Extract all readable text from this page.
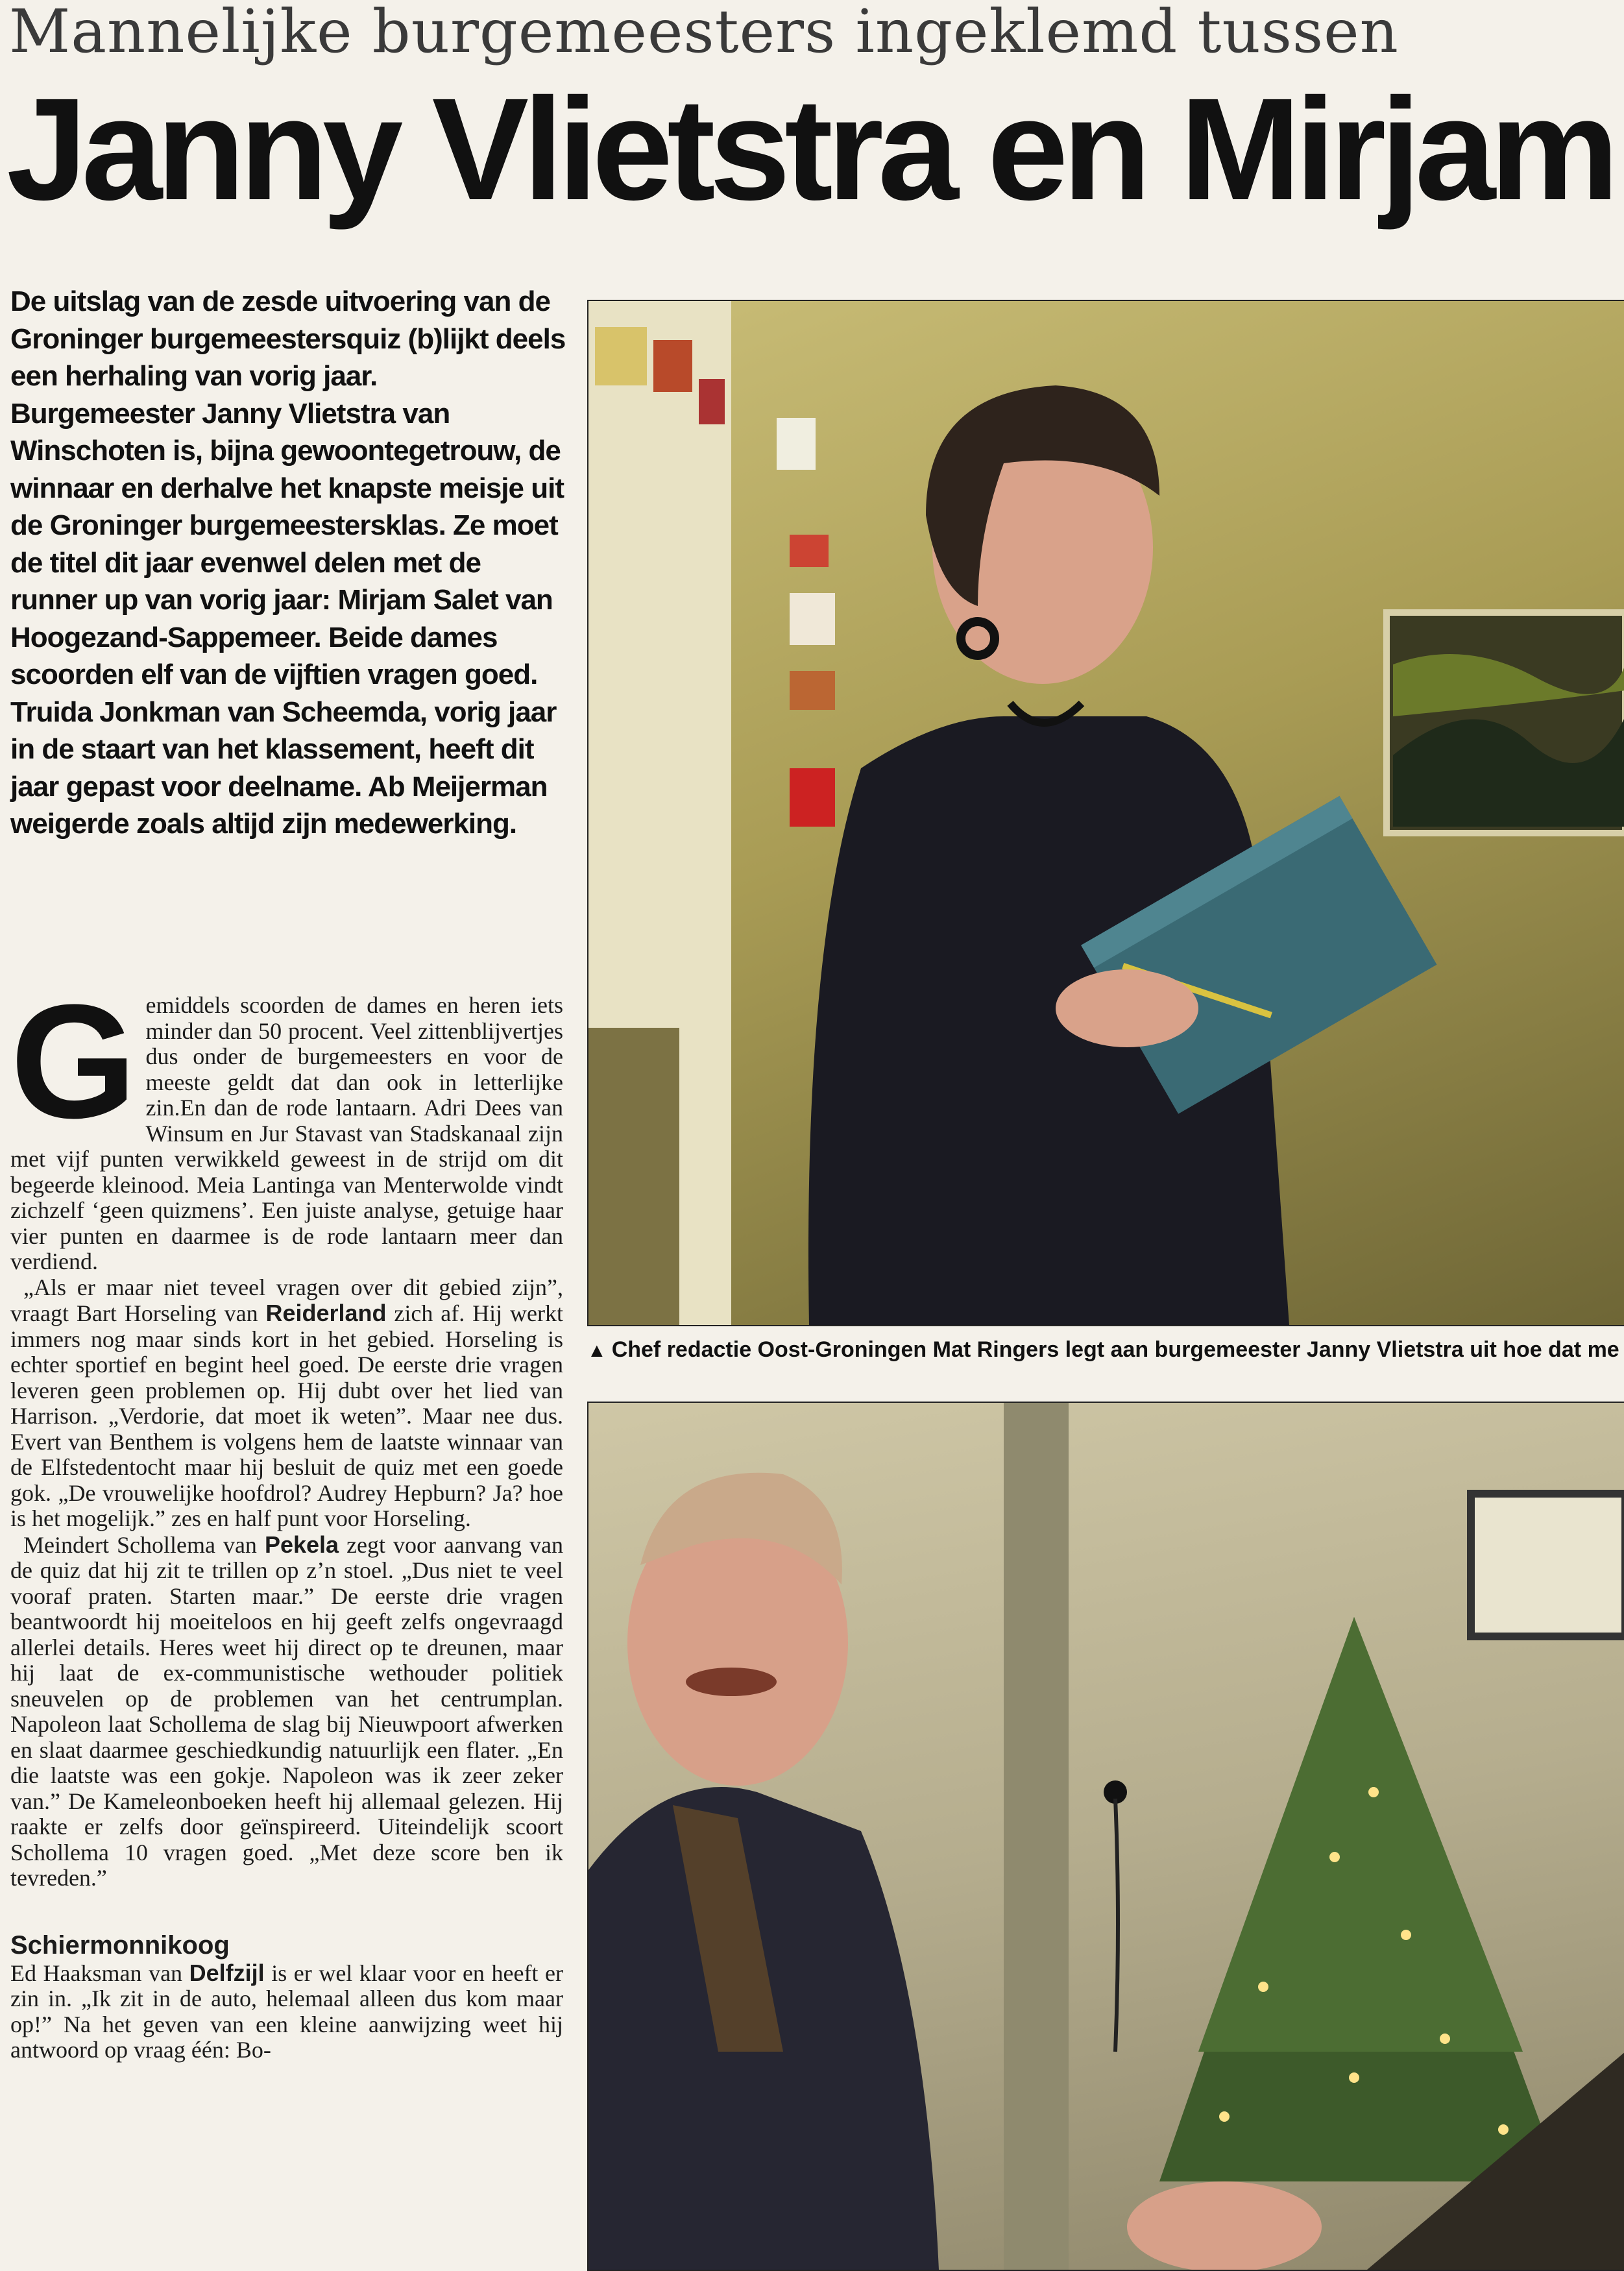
Mannelijke burgemeesters ingeklemd tussen
Janny Vlietstra en Mirjam
De uitslag van de zesde uitvoering van de Groninger burgemeestersquiz (b)lijkt deels een herhaling van vorig jaar. Burgemeester Janny Vlietstra van Winschoten is, bijna gewoontegetrouw, de winnaar en derhalve het knapste meisje uit de Groninger burgemeestersklas. Ze moet de titel dit jaar evenwel delen met de runner up van vorig jaar: Mirjam Salet van Hoogezand-Sappemeer. Beide dames scoorden elf van de vijftien vragen goed. Truida Jonkman van Scheemda, vorig jaar in de staart van het klassement, heeft dit jaar gepast voor deelname. Ab Meijerman weigerde zoals altijd zijn medewerking.

Gemiddels scoorden de dames en heren iets minder dan 50 procent. Veel zittenblijvertjes dus onder de burgemeesters en voor de meeste geldt dat dan ook in letterlijke zin.En dan de rode lantaarn. Adri Dees van Winsum en Jur Stavast van Stadskanaal zijn met vijf punten verwikkeld geweest in de strijd om dit begeerde kleinood. Meia Lantinga van Menterwolde vindt zichzelf ‘geen quizmens’. Een juiste analyse, getuige haar vier punten en daarmee is de rode lantaarn meer dan verdiend.

„Als er maar niet teveel vragen over dit gebied zijn”, vraagt Bart Horseling van Reiderland zich af. Hij werkt immers nog maar sinds kort in het gebied. Horseling is echter sportief en begint heel goed. De eerste drie vragen leveren geen problemen op. Hij dubt over het lied van Harrison. „Verdorie, dat moet ik weten”. Maar nee dus. Evert van Benthem is volgens hem de laatste winnaar van de Elfstedentocht maar hij besluit de quiz met een goede gok. „De vrouwelijke hoofdrol? Audrey Hepburn? Ja? hoe is het mogelijk.” zes en half punt voor Horseling.

Meindert Schollema van Pekela zegt voor aanvang van de quiz dat hij zit te trillen op z’n stoel. „Dus niet te veel vooraf praten. Starten maar.” De eerste drie vragen beantwoordt hij moeiteloos en hij geeft zelfs ongevraagd allerlei details. Heres weet hij direct op te dreunen, maar hij laat de ex-communistische wethouder politiek sneuvelen op de problemen van het centrumplan. Napoleon laat Schollema de slag bij Nieuwpoort afwerken en slaat daarmee geschiedkundig natuurlijk een flater. „En die laatste was een gokje. Napoleon was ik zeer zeker van.” De Kameleonboeken heeft hij allemaal gelezen. Hij raakte er zelfs door geïnspireerd. Uiteindelijk scoort Schollema 10 vragen goed. „Met deze score ben ik tevreden.”

Schiermonnikoog

Ed Haaksman van Delfzijl is er wel klaar voor en heeft er zin in. „Ik zit in de auto, helemaal alleen dus kom maar op!” Na het geven van een kleine aanwijzing weet hij antwoord op vraag één: Bo-

▲ Chef redactie Oost-Groningen Mat Ringers legt aan burgemeester Janny Vlietstra uit hoe dat me
